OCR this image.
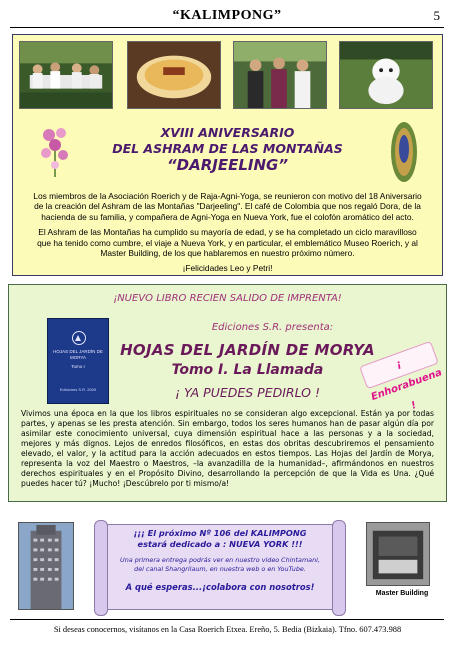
“KALIMPONG”	5
XVIII ANIVERSARIO
DEL ASHRAM DE LAS MONTAÑAS
“DARJEELING”

Los miembros de la Asociación Roerich y de Raja-Agni-Yoga, se reunieron con motivo del 18 Aniversario de la creación del Ashram de las Montañas "Darjeeling". El café de Colombia que nos regaló Dora, de la hacienda de su familia, y compañera de Agni-Yoga en Nueva York, fue el colofón aromático del acto.

El Ashram de las Montañas ha cumplido su mayoría de edad, y se ha completado un ciclo maravilloso que ha tenido como cumbre, el viaje a Nueva York, y en particular, el emblemático Museo Roerich, y al Master Building, de los que hablaremos en nuestro próximo número.

¡Felicidades Leo y Petri!

¡NUEVO LIBRO RECIEN SALIDO DE IMPRENTA!
HOJAS DEL JARDÍN DE MORYA
Tomo I
Ediciones S.R. 2009
Ediciones S.R. presenta:
HOJAS DEL JARDÍN DE MORYA
Tomo I. La Llamada
¡ YA PUEDES PEDIRLO !
¡ Enhorabuena !
Vivimos una época en la que los libros espirituales no se consideran algo excepcional. Están ya por todas partes, y apenas se les presta atención. Sin embargo, todos los seres humanos han de pasar algún día por asimilar este conocimiento universal, cuya dimensión espiritual hace a las personas y a la sociedad, mejores y más dignos. Lejos de enredos filosóficos, en estas dos obritas descubriremos el pensamiento elevado, el valor, y la actitud para la acción adecuados en estos tiempos. Las Hojas del Jardín de Morya, representa la voz del Maestro o Maestros, –la avanzadilla de la humanidad–, afirmándonos en nuestros derechos espirituales y en el Propósito Divino, desarrollando la percepción de que la Vida es Una. ¿Qué puedes hacer tú? ¡Mucho! ¡Descúbrelo por ti mismo/a!
¡¡¡ El próximo Nº 106 del KALIMPONG
estará dedicado a : NUEVA YORK !!!
Una primera entrega podrás ver en nuestro video Chintamani,
del canal Shangrilaum, en nuestra web o en YouTube.
A qué esperas...¡colabora con nosotros!
Master Building
Si deseas conocernos, visítanos en la Casa Roerich Etxea. Ereño, 5. Bedia (Bizkaia). Tfno. 607.473.988
